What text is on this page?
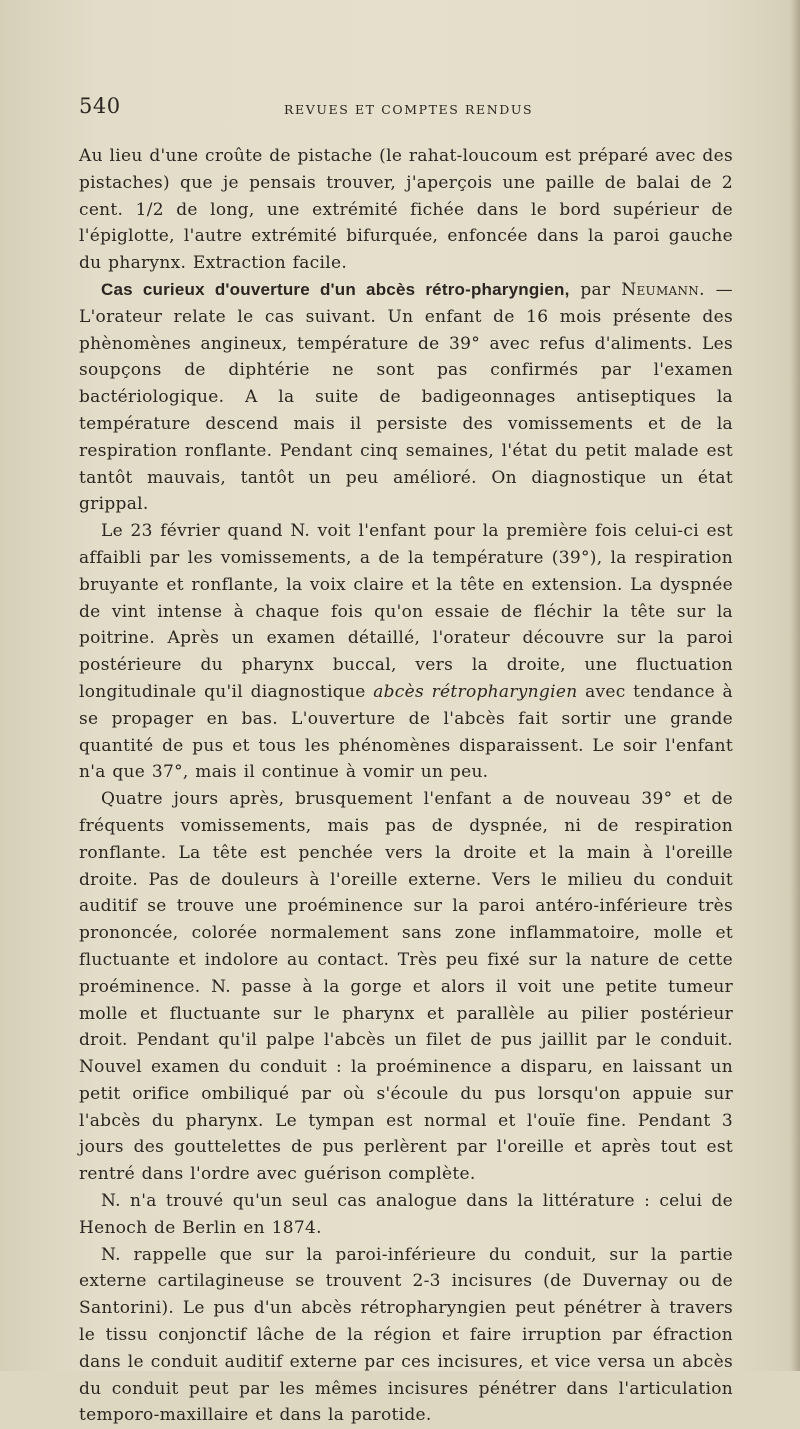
540	REVUES ET COMPTES RENDUS

Au lieu d'une croûte de pistache (le rahat-loucoum est préparé avec des pistaches) que je pensais trouver, j'aperçois une paille de balai de 2 cent. 1/2 de long, une extrémité fichée dans le bord supérieur de l'épiglotte, l'autre extrémité bifurquée, enfoncée dans la paroi gauche du pharynx. Extraction facile.

Cas curieux d'ouverture d'un abcès rétro-pharyngien, par Neumann. — L'orateur relate le cas suivant. Un enfant de 16 mois présente des phènomènes angineux, température de 39° avec refus d'aliments. Les soupçons de diphtérie ne sont pas confirmés par l'examen bactériologique. A la suite de badigeonnages antiseptiques la température descend mais il persiste des vomissements et de la respiration ronflante. Pendant cinq semaines, l'état du petit malade est tantôt mauvais, tantôt un peu amélioré. On diagnostique un état grippal.

Le 23 février quand N. voit l'enfant pour la première fois celui-ci est affaibli par les vomissements, a de la température (39°), la respiration bruyante et ronflante, la voix claire et la tête en extension. La dyspnée de vint intense à chaque fois qu'on essaie de fléchir la tête sur la poitrine. Après un examen détaillé, l'orateur découvre sur la paroi postérieure du pharynx buccal, vers la droite, une fluctuation longitudinale qu'il diagnostique abcès rétropharyngien avec tendance à se propager en bas. L'ouverture de l'abcès fait sortir une grande quantité de pus et tous les phénomènes disparaissent. Le soir l'enfant n'a que 37°, mais il continue à vomir un peu.

Quatre jours après, brusquement l'enfant a de nouveau 39° et de fréquents vomissements, mais pas de dyspnée, ni de respiration ronflante. La tête est penchée vers la droite et la main à l'oreille droite. Pas de douleurs à l'oreille externe. Vers le milieu du conduit auditif se trouve une proéminence sur la paroi antéro-inférieure très prononcée, colorée normalement sans zone inflammatoire, molle et fluctuante et indolore au contact. Très peu fixé sur la nature de cette proéminence. N. passe à la gorge et alors il voit une petite tumeur molle et fluctuante sur le pharynx et parallèle au pilier postérieur droit. Pendant qu'il palpe l'abcès un filet de pus jaillit par le conduit. Nouvel examen du conduit : la proéminence a disparu, en laissant un petit orifice ombiliqué par où s'écoule du pus lorsqu'on appuie sur l'abcès du pharynx. Le tympan est normal et l'ouïe fine. Pendant 3 jours des gouttelettes de pus perlèrent par l'oreille et après tout est rentré dans l'ordre avec guérison complète.

N. n'a trouvé qu'un seul cas analogue dans la littérature : celui de Henoch de Berlin en 1874.

N. rappelle que sur la paroi-inférieure du conduit, sur la partie externe cartilagineuse se trouvent 2-3 incisures (de Duvernay ou de Santorini). Le pus d'un abcès rétropharyngien peut pénétrer à travers le tissu conjonctif lâche de la région et faire irruption par éfraction dans le conduit auditif externe par ces incisures, et vice versa un abcès du conduit peut par les mêmes incisures pénétrer dans l'articulation temporo-maxillaire et dans la parotide.
